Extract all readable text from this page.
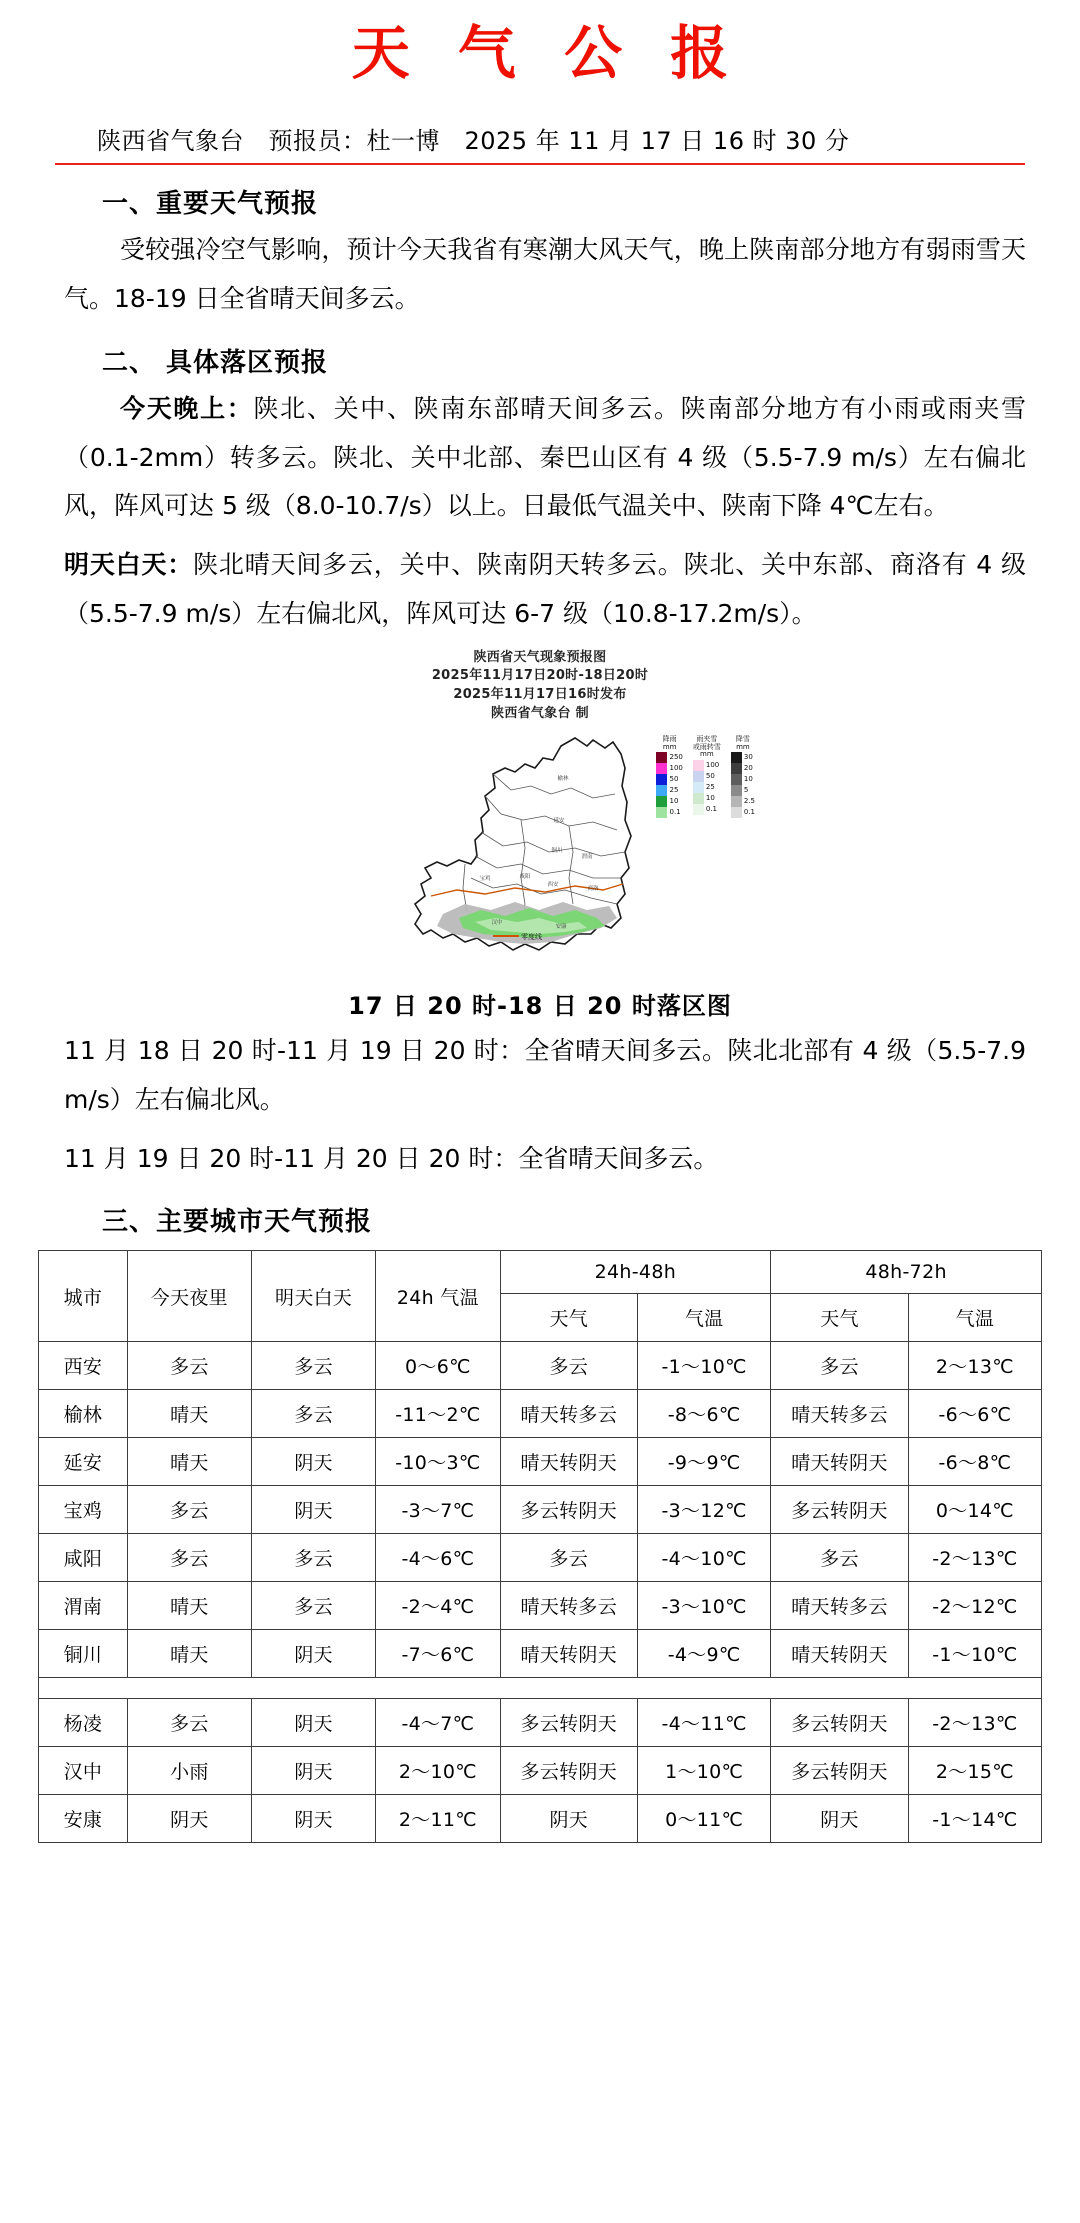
天 气 公 报
陕西省气象台　预报员：杜一博　2025 年 11 月 17 日 16 时 30 分
一、重要天气预报

受较强冷空气影响，预计今天我省有寒潮大风天气，晚上陕南部分地方有弱雨雪天气。18-19 日全省晴天间多云。

二、 具体落区预报

今天晚上：陕北、关中、陕南东部晴天间多云。陕南部分地方有小雨或雨夹雪（0.1-2mm）转多云。陕北、关中北部、秦巴山区有 4 级（5.5-7.9 m/s）左右偏北风，阵风可达 5 级（8.0-10.7/s）以上。日最低气温关中、陕南下降 4℃左右。

明天白天：陕北晴天间多云，关中、陕南阴天转多云。陕北、关中东部、商洛有 4 级（5.5-7.9 m/s）左右偏北风，阵风可达 6-7 级（10.8-17.2m/s）。

陕西省天气现象预报图
2025年11月17日20时-18日20时
2025年11月17日16时发布
陕西省气象台 制
榆林
延安
铜川
渭南
宝鸡	咸阳
西安
商洛
汉中
安康
零度线
降雨
mm
250
100
50
25
10
0.1
雨夹雪
或雨转雪
mm
100
50
25
10
0.1
降雪
mm
30
20
10
5
2.5
0.1
17 日 20 时-18 日 20 时落区图

11 月 18 日 20 时-11 月 19 日 20 时：全省晴天间多云。陕北北部有 4 级（5.5-7.9 m/s）左右偏北风。

11 月 19 日 20 时-11 月 20 日 20 时：全省晴天间多云。

三、主要城市天气预报
城市	今天夜里	明天白天	24h 气温	24h-48h		48h-72h	
				天气	气温	天气	气温
西安	多云	多云	0～6℃	多云	-1～10℃	多云	2～13℃
榆林	晴天	多云	-11～2℃	晴天转多云	-8～6℃	晴天转多云	-6～6℃
延安	晴天	阴天	-10～3℃	晴天转阴天	-9～9℃	晴天转阴天	-6～8℃
宝鸡	多云	阴天	-3～7℃	多云转阴天	-3～12℃	多云转阴天	0～14℃
咸阳	多云	多云	-4～6℃	多云	-4～10℃	多云	-2～13℃
渭南	晴天	多云	-2～4℃	晴天转多云	-3～10℃	晴天转多云	-2～12℃
铜川	晴天	阴天	-7～6℃	晴天转阴天	-4～9℃	晴天转阴天	-1～10℃

杨凌	多云	阴天	-4～7℃	多云转阴天	-4～11℃	多云转阴天	-2～13℃
汉中	小雨	阴天	2～10℃	多云转阴天	1～10℃	多云转阴天	2～15℃
安康	阴天	阴天	2～11℃	阴天	0～11℃	阴天	-1～14℃
